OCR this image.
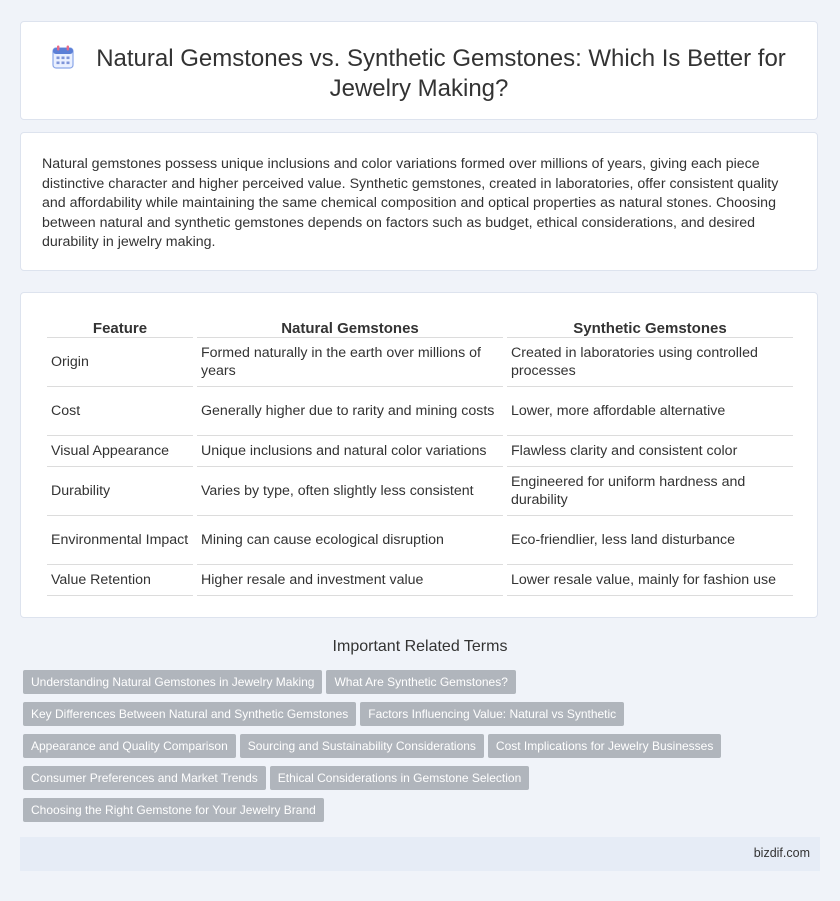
Natural Gemstones vs. Synthetic Gemstones: Which Is Better for Jewelry Making?

Natural gemstones possess unique inclusions and color variations formed over millions of years, giving each piece distinctive character and higher perceived value. Synthetic gemstones, created in laboratories, offer consistent quality and affordability while maintaining the same chemical composition and optical properties as natural stones. Choosing between natural and synthetic gemstones depends on factors such as budget, ethical considerations, and desired durability in jewelry making.

Feature	Natural Gemstones	Synthetic Gemstones
Origin	Formed naturally in the earth over millions of years	Created in laboratories using controlled processes
Cost	Generally higher due to rarity and mining costs	Lower, more affordable alternative
Visual Appearance	Unique inclusions and natural color variations	Flawless clarity and consistent color
Durability	Varies by type, often slightly less consistent	Engineered for uniform hardness and durability
Environmental Impact	Mining can cause ecological disruption	Eco-friendlier, less land disturbance
Value Retention	Higher resale and investment value	Lower resale value, mainly for fashion use
Important Related Terms
Understanding Natural Gemstones in Jewelry Making What Are Synthetic Gemstones?
Key Differences Between Natural and Synthetic Gemstones Factors Influencing Value: Natural vs Synthetic
Appearance and Quality Comparison Sourcing and Sustainability Considerations Cost Implications for Jewelry Businesses
Consumer Preferences and Market Trends Ethical Considerations in Gemstone Selection
Choosing the Right Gemstone for Your Jewelry Brand
bizdif.com
